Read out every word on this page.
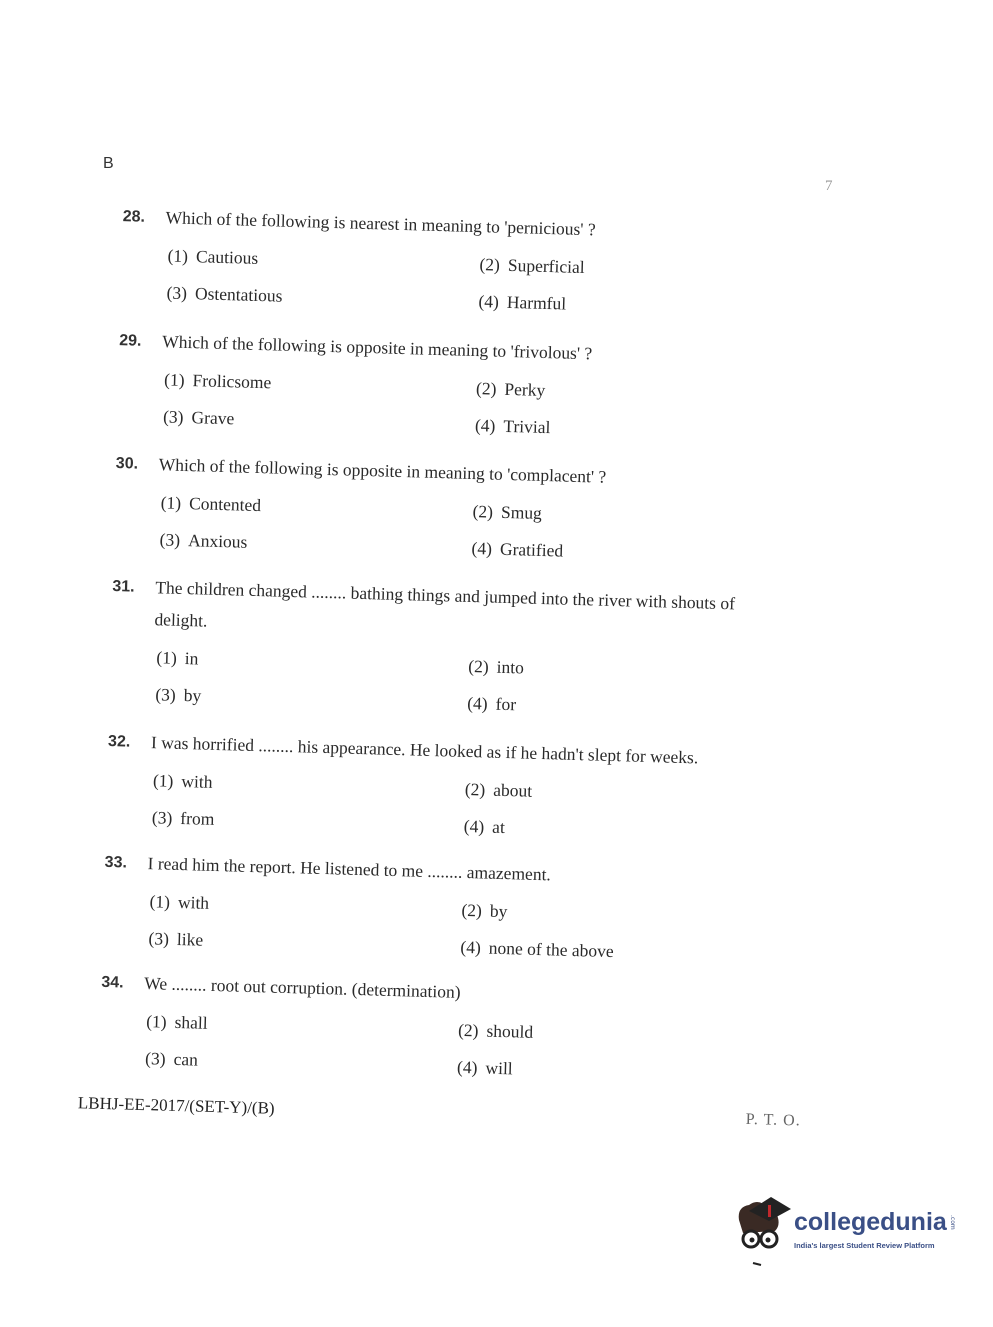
B
7
28. Which of the following is nearest in meaning to 'pernicious' ?
(1) Cautious	(2) Superficial
(3) Ostentatious	(4) Harmful
29. Which of the following is opposite in meaning to 'frivolous' ?
(1) Frolicsome	(2) Perky
(3) Grave	(4) Trivial
30. Which of the following is opposite in meaning to 'complacent' ?
(1) Contented	(2) Smug
(3) Anxious	(4) Gratified
31. The children changed ........ bathing things and jumped into the river with shouts of
delight.
(1) in	(2) into
(3) by	(4) for
32. I was horrified ........ his appearance. He looked as if he hadn't slept for weeks.
(1) with	(2) about
(3) from	(4) at
33. I read him the report. He listened to me ........ amazement.
(1) with	(2) by
(3) like	(4) none of the above
34. We ........ root out corruption. (determination)
(1) shall	(2) should
(3) can	(4) will
LBHJ-EE-2017/(SET-Y)/(B)
P. T. O.
collegedunia .com
India's largest Student Review Platform
